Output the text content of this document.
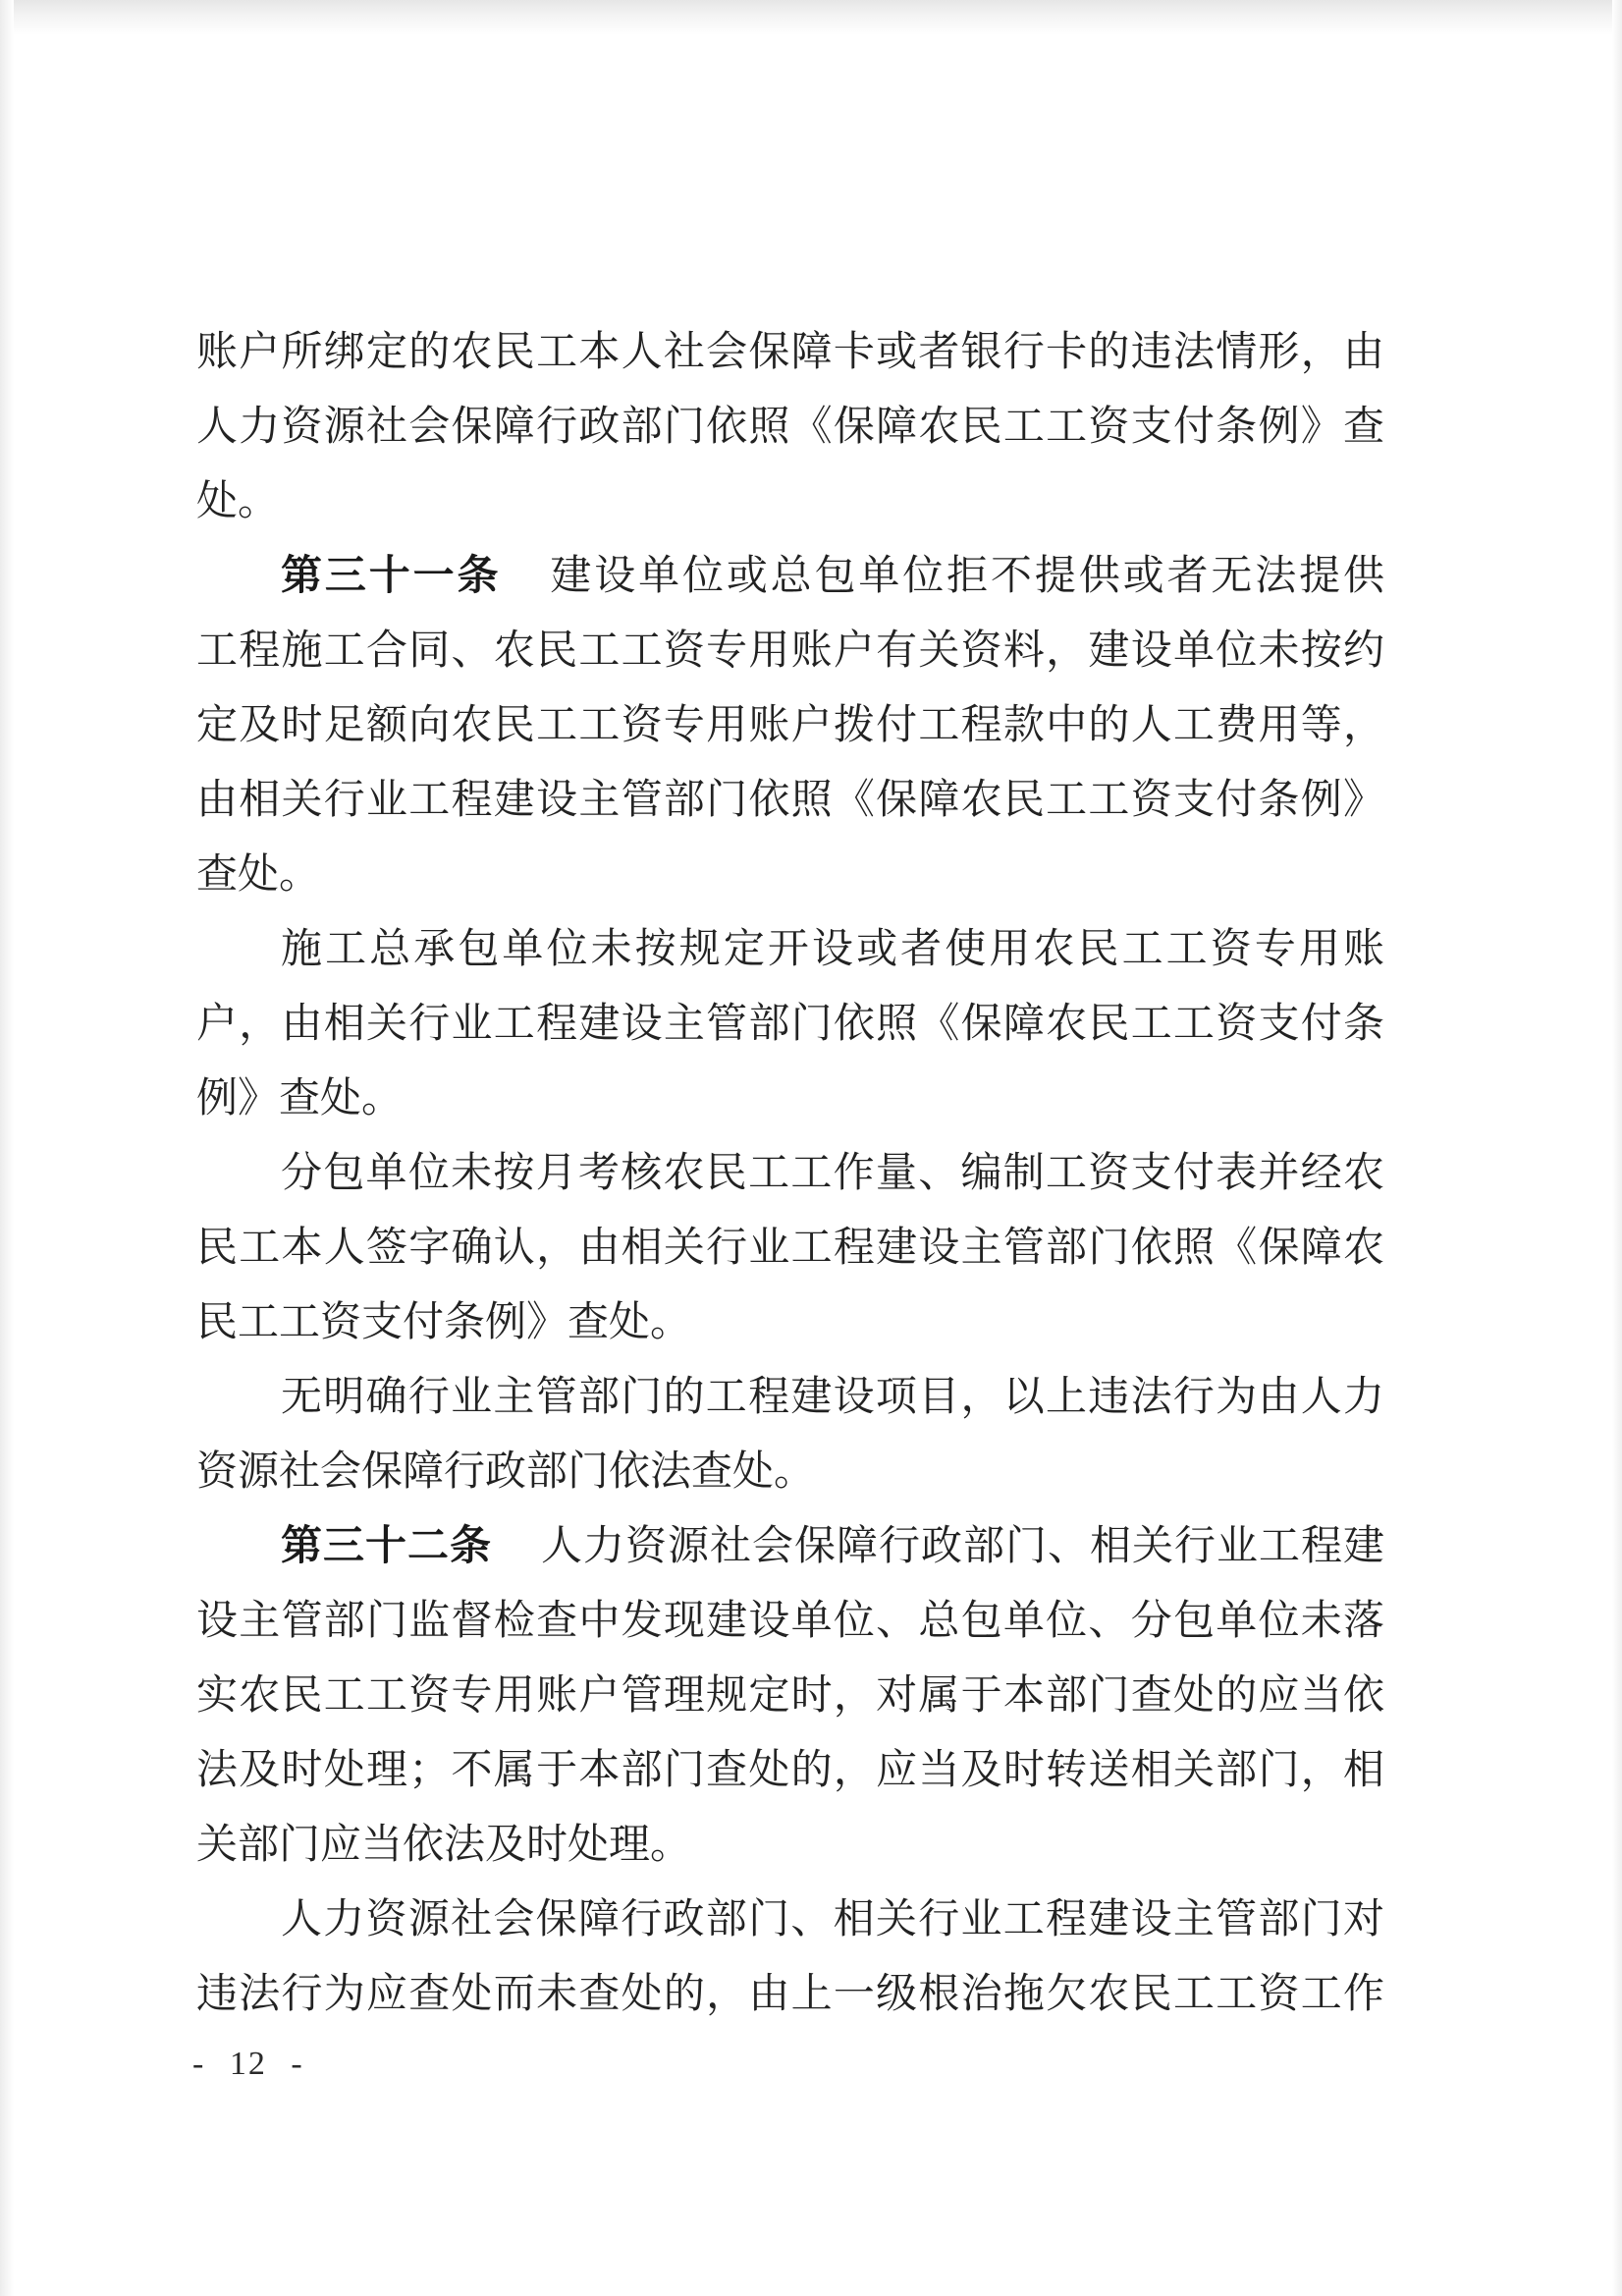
账户所绑定的农民工本人社会保障卡或者银行卡的违法情形，由
人力资源社会保障行政部门依照《保障农民工工资支付条例》查
处。
第三十一条 建设单位或总包单位拒不提供或者无法提供
工程施工合同、农民工工资专用账户有关资料，建设单位未按约
定及时足额向农民工工资专用账户拨付工程款中的人工费用等，
由相关行业工程建设主管部门依照《保障农民工工资支付条例》
查处。
施工总承包单位未按规定开设或者使用农民工工资专用账
户，由相关行业工程建设主管部门依照《保障农民工工资支付条
例》查处。
分包单位未按月考核农民工工作量、编制工资支付表并经农
民工本人签字确认，由相关行业工程建设主管部门依照《保障农
民工工资支付条例》查处。
无明确行业主管部门的工程建设项目，以上违法行为由人力
资源社会保障行政部门依法查处。
第三十二条 人力资源社会保障行政部门、相关行业工程建
设主管部门监督检查中发现建设单位、总包单位、分包单位未落
实农民工工资专用账户管理规定时，对属于本部门查处的应当依
法及时处理；不属于本部门查处的，应当及时转送相关部门，相
关部门应当依法及时处理。
人力资源社会保障行政部门、相关行业工程建设主管部门对
违法行为应查处而未查处的，由上一级根治拖欠农民工工资工作
- 12 -
